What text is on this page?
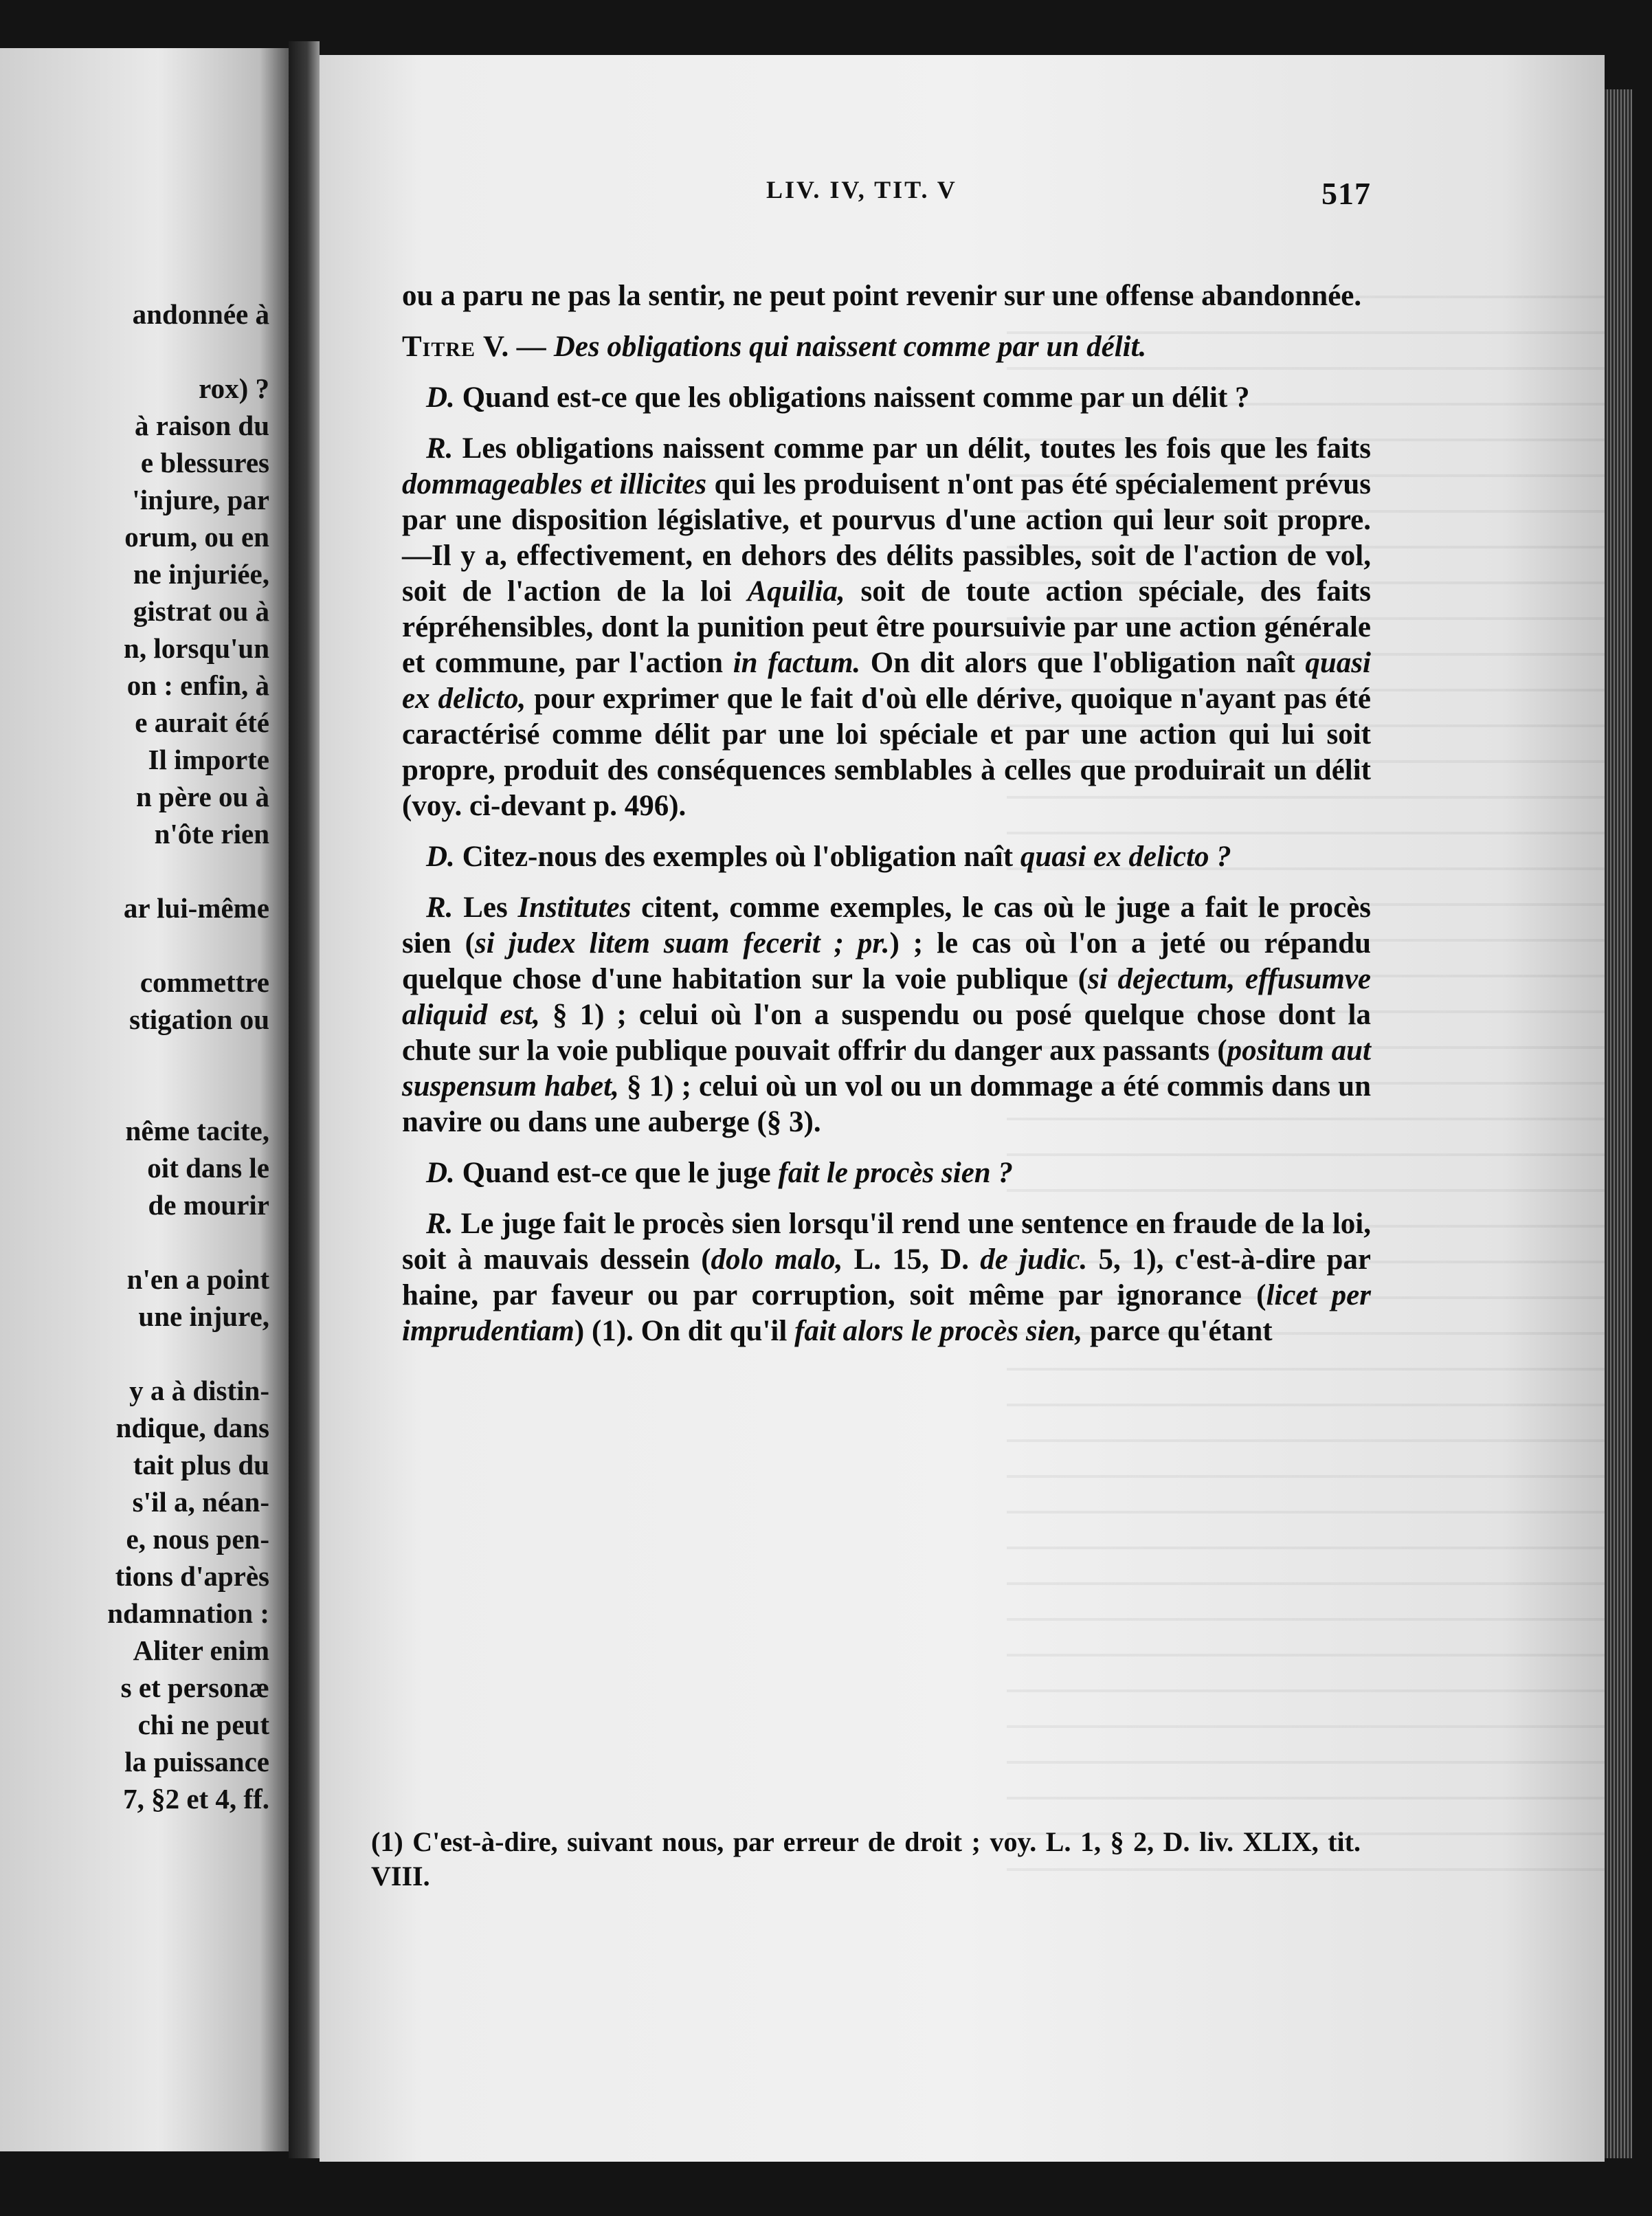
andonnée à
rox) ?
à raison du
e blessures
'injure, par
orum, ou en
ne injuriée,
gistrat ou à
n, lorsqu'un
on : enfin, à
e aurait été
Il importe
n père ou à
n'ôte rien
ar lui-même
commettre
stigation ou
nême tacite,
oit dans le
de mourir
n'en a point
une injure,
y a à distin-
ndique, dans
tait plus du
s'il a, néan-
e, nous pen-
tions d'après
ndamnation :
Aliter enim
s et personæ
chi ne peut
la puissance
7, §2 et 4, ff.
LIV. IV, TIT. V	517

ou a paru ne pas la sentir, ne peut point revenir sur une offense abandonnée.

Titre V. — Des obligations qui naissent comme par un délit.

D. Quand est-ce que les obligations naissent comme par un délit ?

R. Les obligations naissent comme par un délit, toutes les fois que les faits dommageables et illicites qui les produisent n'ont pas été spécialement prévus par une disposition législative, et pourvus d'une action qui leur soit propre.—Il y a, effectivement, en dehors des délits passibles, soit de l'action de vol, soit de l'action de la loi Aquilia, soit de toute action spéciale, des faits répréhensibles, dont la punition peut être poursuivie par une action générale et commune, par l'action in factum. On dit alors que l'obligation naît quasi ex delicto, pour exprimer que le fait d'où elle dérive, quoique n'ayant pas été caractérisé comme délit par une loi spéciale et par une action qui lui soit propre, produit des conséquences semblables à celles que produirait un délit (voy. ci-devant p. 496).

D. Citez-nous des exemples où l'obligation naît quasi ex delicto ?

R. Les Institutes citent, comme exemples, le cas où le juge a fait le procès sien (si judex litem suam fecerit ; pr.) ; le cas où l'on a jeté ou répandu quelque chose d'une habitation sur la voie publique (si dejectum, effusumve aliquid est, § 1) ; celui où l'on a suspendu ou posé quelque chose dont la chute sur la voie publique pouvait offrir du danger aux passants (positum aut suspensum habet, § 1) ; celui où un vol ou un dommage a été commis dans un navire ou dans une auberge (§ 3).

D. Quand est-ce que le juge fait le procès sien ?

R. Le juge fait le procès sien lorsqu'il rend une sentence en fraude de la loi, soit à mauvais dessein (dolo malo, L. 15, D. de judic. 5, 1), c'est-à-dire par haine, par faveur ou par corruption, soit même par ignorance (licet per imprudentiam) (1). On dit qu'il fait alors le procès sien, parce qu'étant

(1) C'est-à-dire, suivant nous, par erreur de droit ; voy. L. 1, § 2, D. liv. XLIX, tit. VIII.
